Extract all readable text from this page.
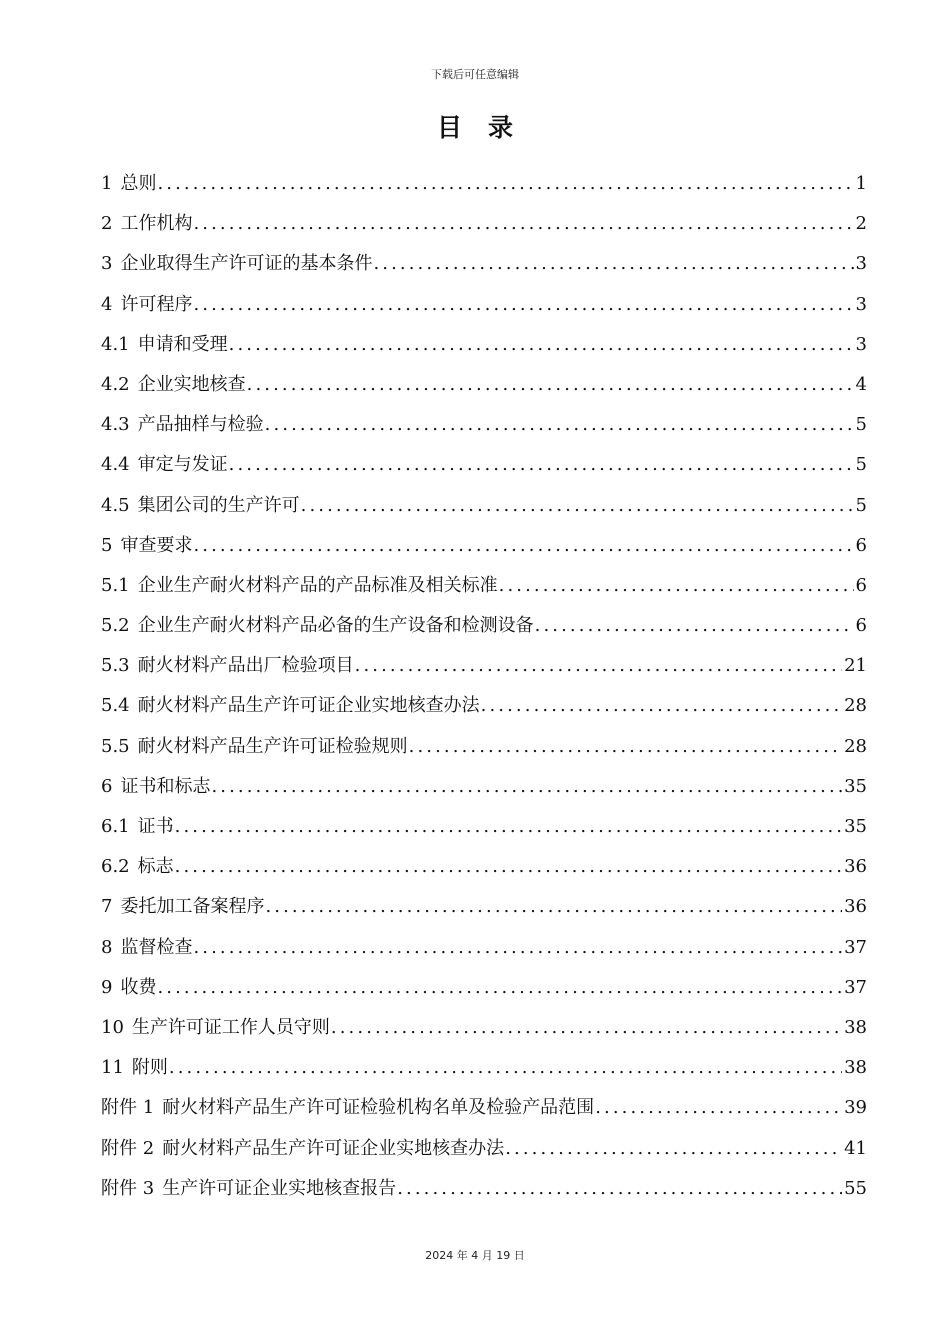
下载后可任意编辑
目录
1 总则 .....	1
2 工作机构 .....	2
3 企业取得生产许可证的基本条件 .....	3
4 许可程序 .....	3
4.1 申请和受理 .....	3
4.2 企业实地核查 .....	4
4.3 产品抽样与检验 .....	5
4.4 审定与发证 .....	5
4.5 集团公司的生产许可 .....	5
5 审查要求 .....	6
5.1 企业生产耐火材料产品的产品标准及相关标准 .....	6
5.2 企业生产耐火材料产品必备的生产设备和检测设备 .....	6
5.3 耐火材料产品出厂检验项目 .....	21
5.4 耐火材料产品生产许可证企业实地核查办法 .....	28
5.5 耐火材料产品生产许可证检验规则 .....	28
6 证书和标志 .....	35
6.1 证书 .....	35
6.2 标志 .....	36
7 委托加工备案程序 .....	36
8 监督检查 .....	37
9 收费 .....	37
10 生产许可证工作人员守则 .....	38
11 附则 .....	38
附件 1 耐火材料产品生产许可证检验机构名单及检验产品范围 .....	39
附件 2 耐火材料产品生产许可证企业实地核查办法 .....	41
附件 3 生产许可证企业实地核查报告 .....	55
2024 年 4 月 19 日
